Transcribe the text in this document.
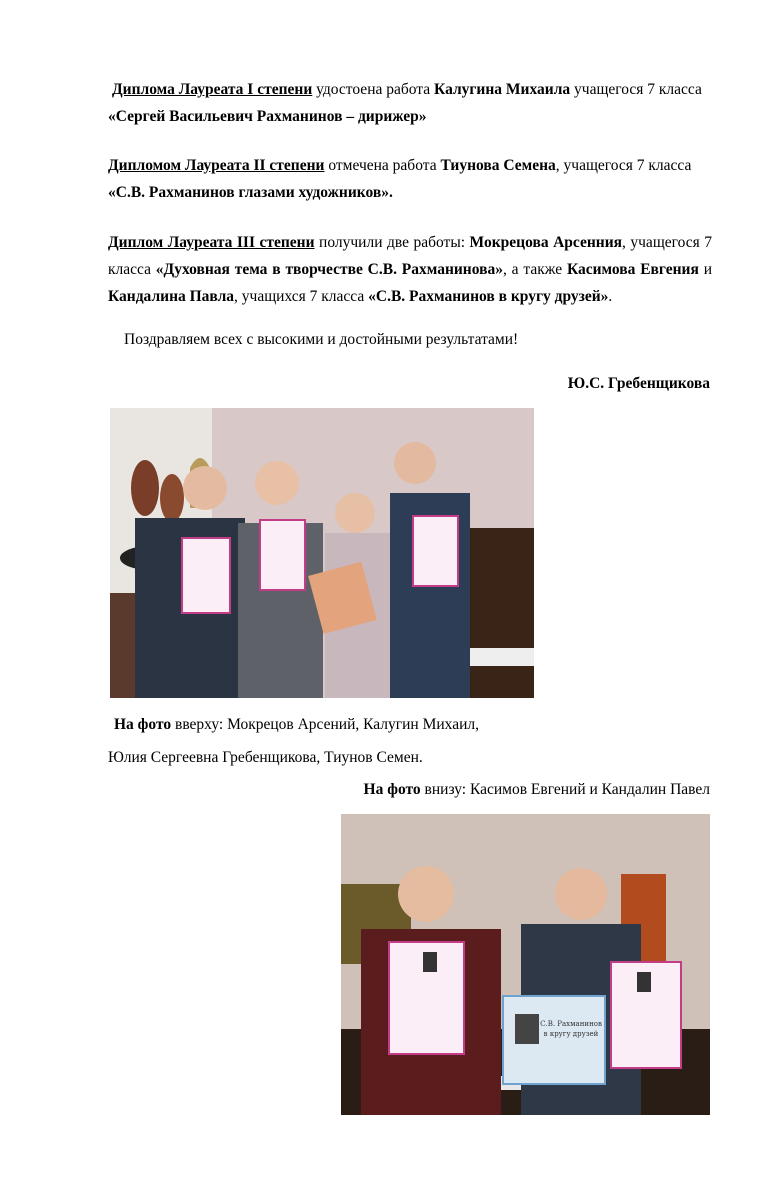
Диплома Лауреата I степени удостоена работа Калугина Михаила учащегося 7 класса
«Сергей Васильевич Рахманинов – дирижер»
Дипломом Лауреата II степени отмечена работа Тиунова Семена, учащегося 7 класса
«С.В. Рахманинов глазами художников».
Диплом Лауреата III степени получили две работы: Мокрецова Арсенния, учащегося 7 класса «Духовная тема в творчестве С.В. Рахманинова», а также Касимова Евгения и Кандалина Павла, учащихся 7 класса «С.В. Рахманинов в кругу друзей».
Поздравляем всех с высокими и достойными результатами!
Ю.С. Гребенщикова
На фото вверху: Мокрецов Арсений, Калугин Михаил,
Юлия Сергеевна Гребенщикова, Тиунов Семен.
На фото внизу: Касимов Евгений и Кандалин Павел
С.В. Рахманинов
в кругу друзей
